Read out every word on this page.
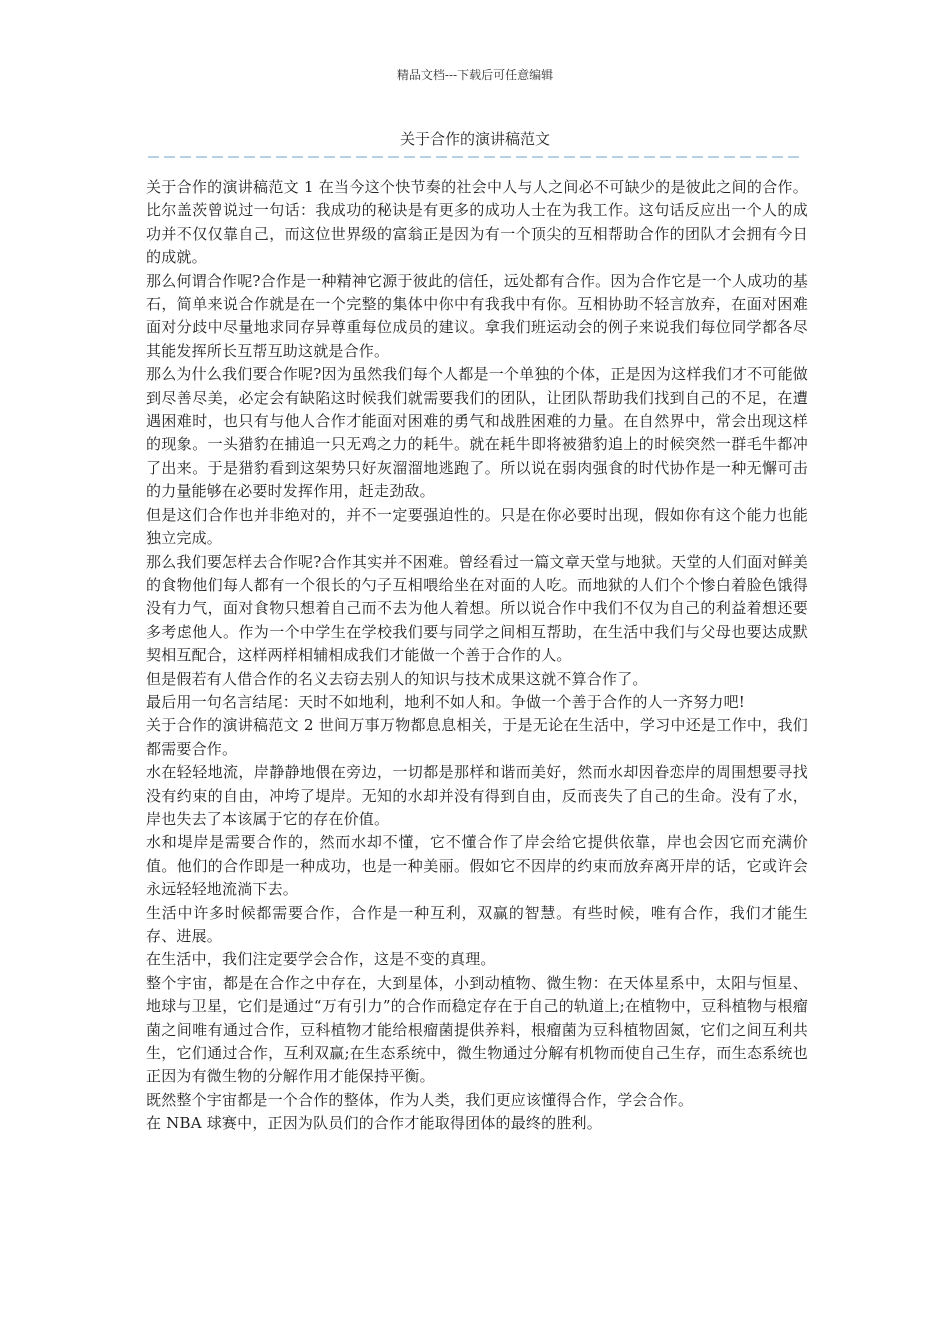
精品文档---下载后可任意编辑
关于合作的演讲稿范文

关于合作的演讲稿范文 1 在当今这个快节奏的社会中人与人之间必不可缺少的是彼此之间的合作。比尔盖茨曾说过一句话：我成功的秘诀是有更多的成功人士在为我工作。这句话反应出一个人的成功并不仅仅靠自己，而这位世界级的富翁正是因为有一个顶尖的互相帮助合作的团队才会拥有今日的成就。

那么何谓合作呢?合作是一种精神它源于彼此的信任，远处都有合作。因为合作它是一个人成功的基石，简单来说合作就是在一个完整的集体中你中有我我中有你。互相协助不轻言放弃，在面对困难面对分歧中尽量地求同存异尊重每位成员的建议。拿我们班运动会的例子来说我们每位同学都各尽其能发挥所长互帮互助这就是合作。

那么为什么我们要合作呢?因为虽然我们每个人都是一个单独的个体，正是因为这样我们才不可能做到尽善尽美，必定会有缺陷这时候我们就需要我们的团队，让团队帮助我们找到自己的不足，在遭遇困难时，也只有与他人合作才能面对困难的勇气和战胜困难的力量。在自然界中，常会出现这样的现象。一头猎豹在捕追一只无鸡之力的耗牛。就在耗牛即将被猎豹追上的时候突然一群毛牛都冲了出来。于是猎豹看到这架势只好灰溜溜地逃跑了。所以说在弱肉强食的时代协作是一种无懈可击的力量能够在必要时发挥作用，赶走劲敌。

但是这们合作也并非绝对的，并不一定要强迫性的。只是在你必要时出现，假如你有这个能力也能独立完成。

那么我们要怎样去合作呢?合作其实并不困难。曾经看过一篇文章天堂与地狱。天堂的人们面对鲜美的食物他们每人都有一个很长的勺子互相喂给坐在对面的人吃。而地狱的人们个个惨白着脸色饿得没有力气，面对食物只想着自己而不去为他人着想。所以说合作中我们不仅为自己的利益着想还要多考虑他人。作为一个中学生在学校我们要与同学之间相互帮助，在生活中我们与父母也要达成默契相互配合，这样两样相辅相成我们才能做一个善于合作的人。

但是假若有人借合作的名义去窃去别人的知识与技术成果这就不算合作了。

最后用一句名言结尾：天时不如地利，地利不如人和。争做一个善于合作的人一齐努力吧!

关于合作的演讲稿范文 2 世间万事万物都息息相关，于是无论在生活中，学习中还是工作中，我们都需要合作。

水在轻轻地流，岸静静地偎在旁边，一切都是那样和谐而美好，然而水却因眷恋岸的周围想要寻找没有约束的自由，冲垮了堤岸。无知的水却并没有得到自由，反而丧失了自己的生命。没有了水，岸也失去了本该属于它的存在价值。

水和堤岸是需要合作的，然而水却不懂，它不懂合作了岸会给它提供依靠，岸也会因它而充满价值。他们的合作即是一种成功，也是一种美丽。假如它不因岸的约束而放弃离开岸的话，它或许会永远轻轻地流淌下去。

生活中许多时候都需要合作，合作是一种互利，双赢的智慧。有些时候，唯有合作，我们才能生存、进展。

在生活中，我们注定要学会合作，这是不变的真理。

整个宇宙，都是在合作之中存在，大到星体，小到动植物、微生物：在天体星系中，太阳与恒星、地球与卫星，它们是通过“万有引力”的合作而稳定存在于自己的轨道上;在植物中，豆科植物与根瘤菌之间唯有通过合作，豆科植物才能给根瘤菌提供养料，根瘤菌为豆科植物固氮，它们之间互利共生，它们通过合作，互利双赢;在生态系统中，微生物通过分解有机物而使自己生存，而生态系统也正因为有微生物的分解作用才能保持平衡。

既然整个宇宙都是一个合作的整体，作为人类，我们更应该懂得合作，学会合作。

在 NBA 球赛中，正因为队员们的合作才能取得团体的最终的胜利。
